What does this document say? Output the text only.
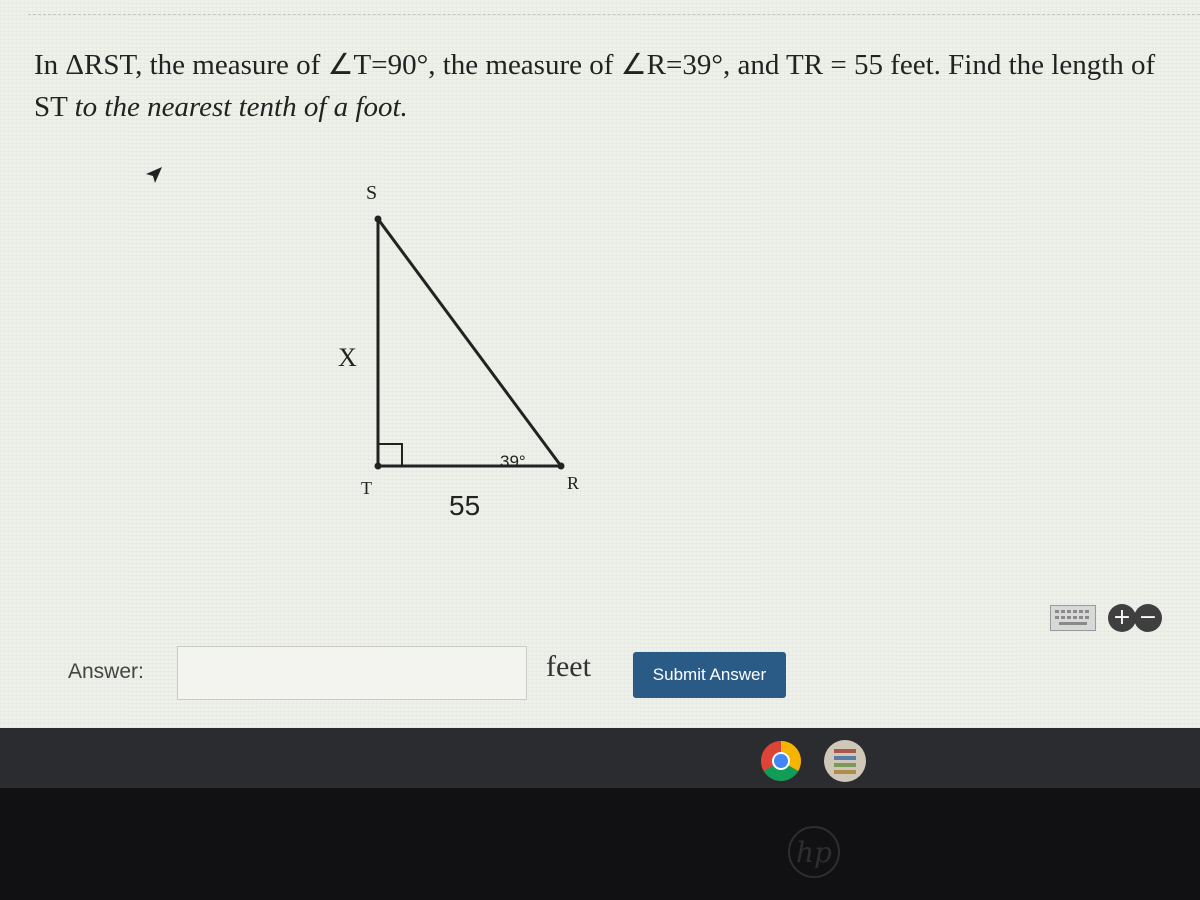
In ΔRST, the measure of ∠T=90°, the measure of ∠R=39°, and TR = 55 feet. Find the length of ST to the nearest tenth of a foot.
S
T	R
X
55
39°
+ −
Answer:	feet	Submit Answer
hp
